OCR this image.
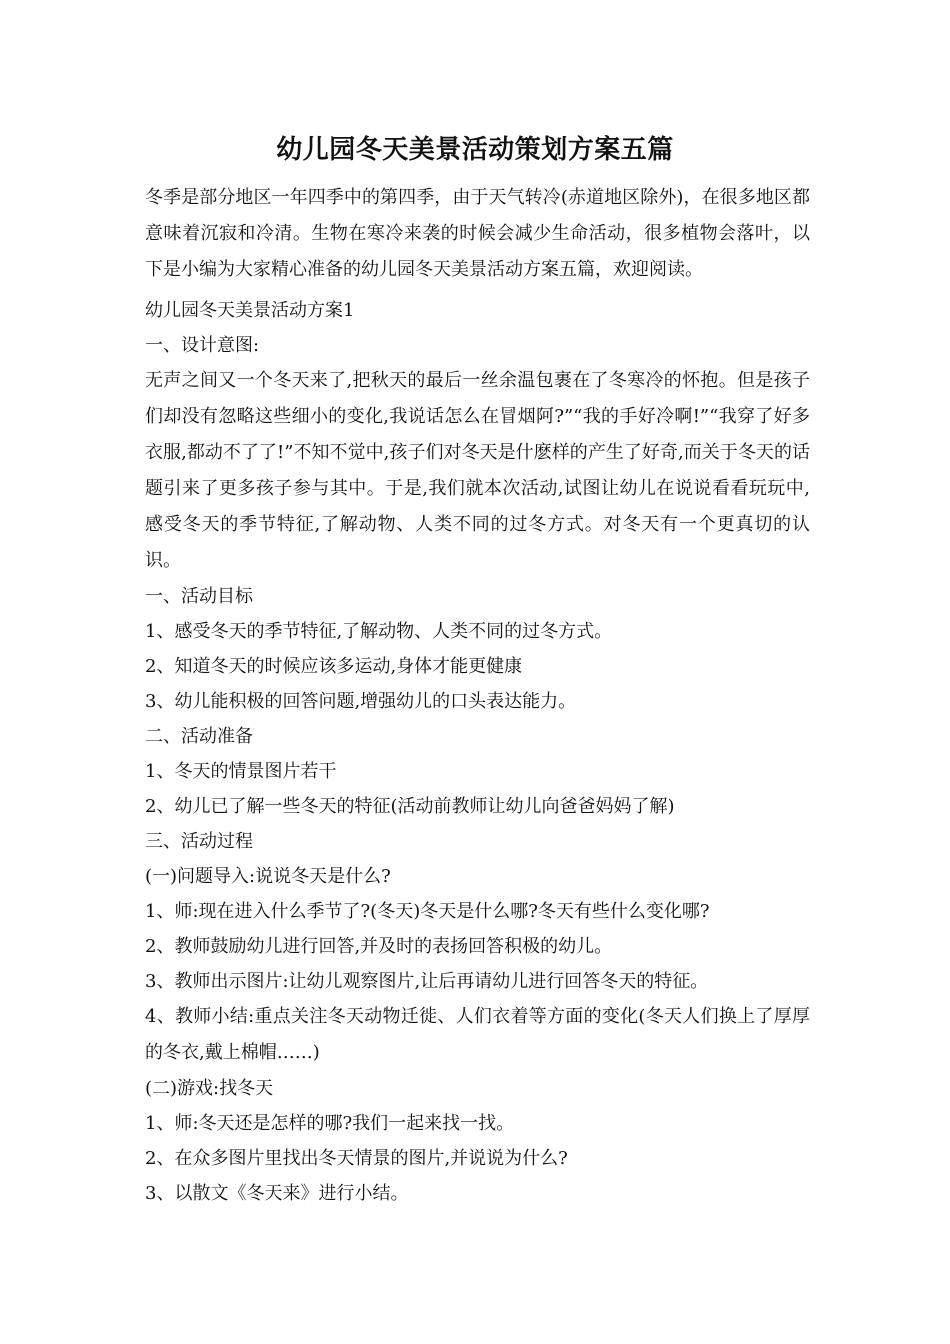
幼儿园冬天美景活动策划方案五篇
冬季是部分地区一年四季中的第四季，由于天气转冷(赤道地区除外)，在很多地区都意味着沉寂和冷清。生物在寒冷来袭的时候会减少生命活动，很多植物会落叶，以下是小编为大家精心准备的幼儿园冬天美景活动方案五篇，欢迎阅读。
幼儿园冬天美景活动方案1
一、设计意图:
无声之间又一个冬天来了,把秋天的最后一丝余温包裹在了冬寒冷的怀抱。但是孩子们却没有忽略这些细小的变化,我说话怎么在冒烟阿?”“我的手好冷啊!”“我穿了好多衣服,都动不了了!”不知不觉中,孩子们对冬天是什麽样的产生了好奇,而关于冬天的话题引来了更多孩子参与其中。于是,我们就本次活动,试图让幼儿在说说看看玩玩中,感受冬天的季节特征,了解动物、人类不同的过冬方式。对冬天有一个更真切的认识。
一、活动目标
1、感受冬天的季节特征,了解动物、人类不同的过冬方式。
2、知道冬天的时候应该多运动,身体才能更健康
3、幼儿能积极的回答问题,增强幼儿的口头表达能力。
二、活动准备
1、冬天的情景图片若干
2、幼儿已了解一些冬天的特征(活动前教师让幼儿向爸爸妈妈了解)
三、活动过程
(一)问题导入:说说冬天是什么?
1、师:现在进入什么季节了?(冬天)冬天是什么哪?冬天有些什么变化哪?
2、教师鼓励幼儿进行回答,并及时的表扬回答积极的幼儿。
3、教师出示图片:让幼儿观察图片,让后再请幼儿进行回答冬天的特征。
4、教师小结:重点关注冬天动物迁徙、人们衣着等方面的变化(冬天人们换上了厚厚的冬衣,戴上棉帽……)
(二)游戏:找冬天
1、师:冬天还是怎样的哪?我们一起来找一找。
2、在众多图片里找出冬天情景的图片,并说说为什么?
3、以散文《冬天来》进行小结。
